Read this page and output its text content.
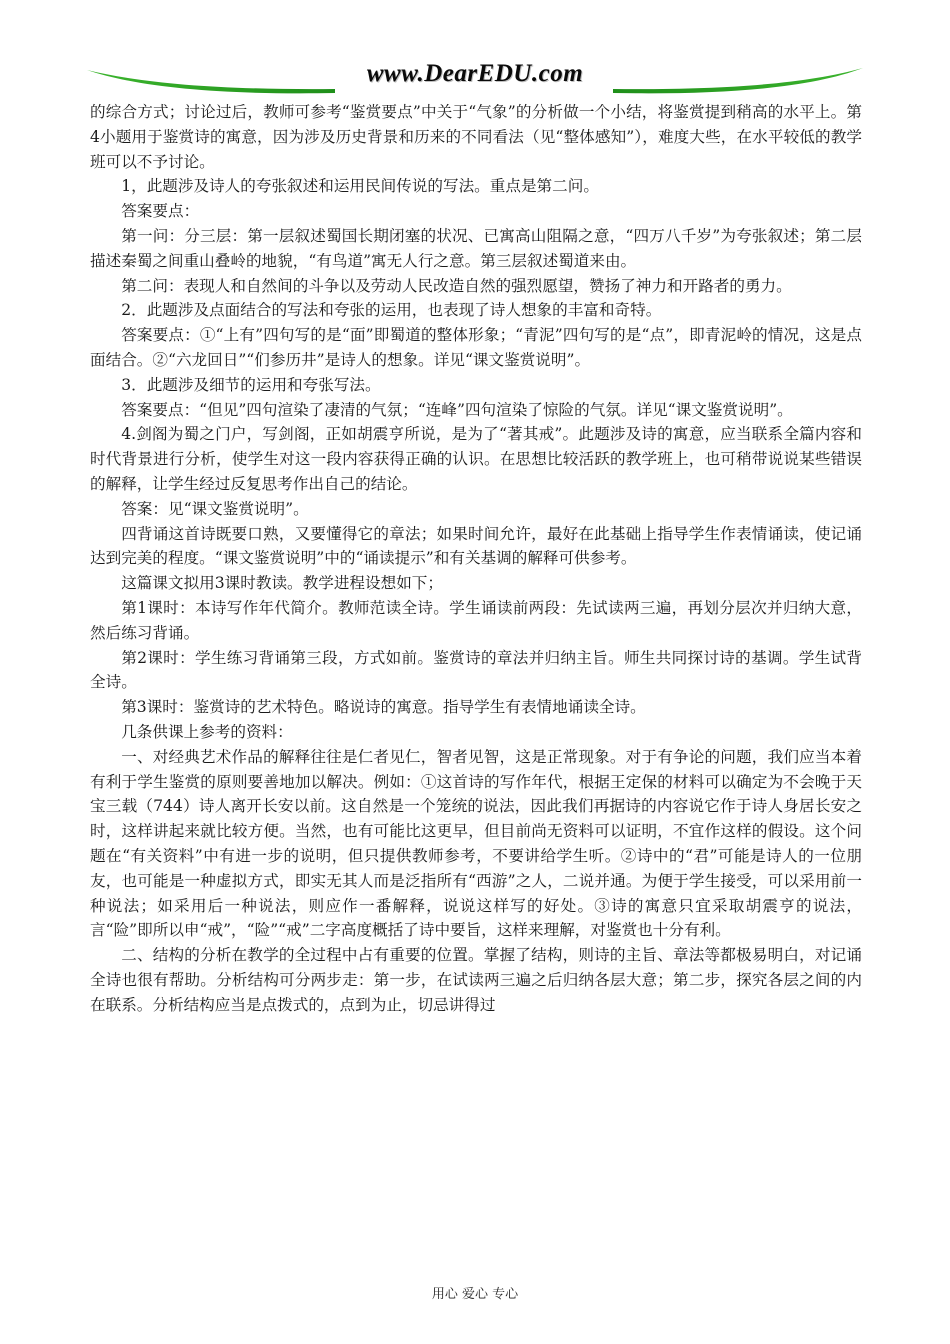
www.DearEDU.com

的综合方式；讨论过后，教师可参考“鉴赏要点”中关于“气象”的分析做一个小结，将鉴赏提到稍高的水平上。第4小题用于鉴赏诗的寓意，因为涉及历史背景和历来的不同看法（见“整体感知”），难度大些，在水平较低的教学班可以不予讨论。

1，此题涉及诗人的夸张叙述和运用民间传说的写法。重点是第二问。

答案要点：

第一问：分三层：第一层叙述蜀国长期闭塞的状况、已寓高山阻隔之意，“四万八千岁”为夸张叙述；第二层描述秦蜀之间重山叠岭的地貌，“有鸟道”寓无人行之意。第三层叙述蜀道来由。

第二问：表现人和自然间的斗争以及劳动人民改造自然的强烈愿望，赞扬了神力和开路者的勇力。

2．此题涉及点面结合的写法和夸张的运用，也表现了诗人想象的丰富和奇特。

答案要点：①“上有”四句写的是“面”即蜀道的整体形象；“青泥”四句写的是“点”，即青泥岭的情况，这是点面结合。②“六龙回日”“们参历井”是诗人的想象。详见“课文鉴赏说明”。

3．此题涉及细节的运用和夸张写法。

答案要点：“但见”四句渲染了凄清的气氛；“连峰”四句渲染了惊险的气氛。详见“课文鉴赏说明”。

4.剑阁为蜀之门户，写剑阁，正如胡震亨所说，是为了“著其戒”。此题涉及诗的寓意，应当联系全篇内容和时代背景进行分析，使学生对这一段内容获得正确的认识。在思想比较活跃的教学班上，也可稍带说说某些错误的解释，让学生经过反复思考作出自己的结论。

答案：见“课文鉴赏说明”。

四背诵这首诗既要口熟，又要懂得它的章法；如果时间允许，最好在此基础上指导学生作表情诵读，使记诵达到完美的程度。“课文鉴赏说明”中的“诵读提示”和有关基调的解释可供参考。

这篇课文拟用3课时教读。教学进程设想如下；

第1课时：本诗写作年代简介。教师范读全诗。学生诵读前两段：先试读两三遍，再划分层次并归纳大意，然后练习背诵。

第2课时：学生练习背诵第三段，方式如前。鉴赏诗的章法并归纳主旨。师生共同探讨诗的基调。学生试背全诗。

第3课时：鉴赏诗的艺术特色。略说诗的寓意。指导学生有表情地诵读全诗。

几条供课上参考的资料：

一、对经典艺术作品的解释往往是仁者见仁，智者见智，这是正常现象。对于有争论的问题，我们应当本着有利于学生鉴赏的原则要善地加以解决。例如：①这首诗的写作年代，根据王定保的材料可以确定为不会晚于天宝三载（744）诗人离开长安以前。这自然是一个笼统的说法，因此我们再据诗的内容说它作于诗人身居长安之时，这样讲起来就比较方便。当然，也有可能比这更早，但目前尚无资料可以证明，不宜作这样的假设。这个问题在“有关资料”中有进一步的说明，但只提供教师参考，不要讲给学生听。②诗中的“君”可能是诗人的一位朋友，也可能是一种虚拟方式，即实无其人而是泛指所有“西游”之人，二说并通。为便于学生接受，可以采用前一种说法；如采用后一种说法，则应作一番解释，说说这样写的好处。③诗的寓意只宜采取胡震亨的说法，言“险”即所以申“戒”，“险”“戒”二字高度概括了诗中要旨，这样来理解，对鉴赏也十分有利。

二、结构的分析在教学的全过程中占有重要的位置。掌握了结构，则诗的主旨、章法等都极易明白，对记诵全诗也很有帮助。分析结构可分两步走：第一步，在试读两三遍之后归纳各层大意；第二步，探究各层之间的内在联系。分析结构应当是点拨式的，点到为止，切忌讲得过

用心 爱心 专心
